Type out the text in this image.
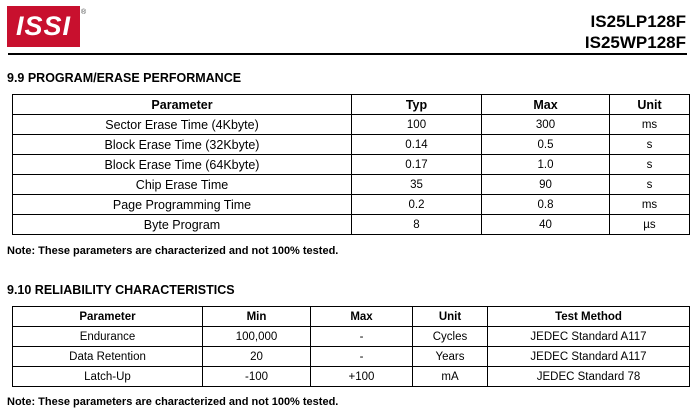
ISSI ®	IS25LP128F
IS25WP128F
9.9 PROGRAM/ERASE PERFORMANCE
Parameter	Typ	Max	Unit
Sector Erase Time (4Kbyte)	100	300	ms
Block Erase Time (32Kbyte)	0.14	0.5	s
Block Erase Time (64Kbyte)	0.17	1.0	s
Chip Erase Time	35	90	s
Page Programming Time	0.2	0.8	ms
Byte Program	8	40	µs
Note: These parameters are characterized and not 100% tested.
9.10 RELIABILITY CHARACTERISTICS
Parameter	Min	Max	Unit	Test Method
Endurance	100,000	-	Cycles	JEDEC Standard A117
Data Retention	20	-	Years	JEDEC Standard A117
Latch-Up	-100	+100	mA	JEDEC Standard 78
Note: These parameters are characterized and not 100% tested.
